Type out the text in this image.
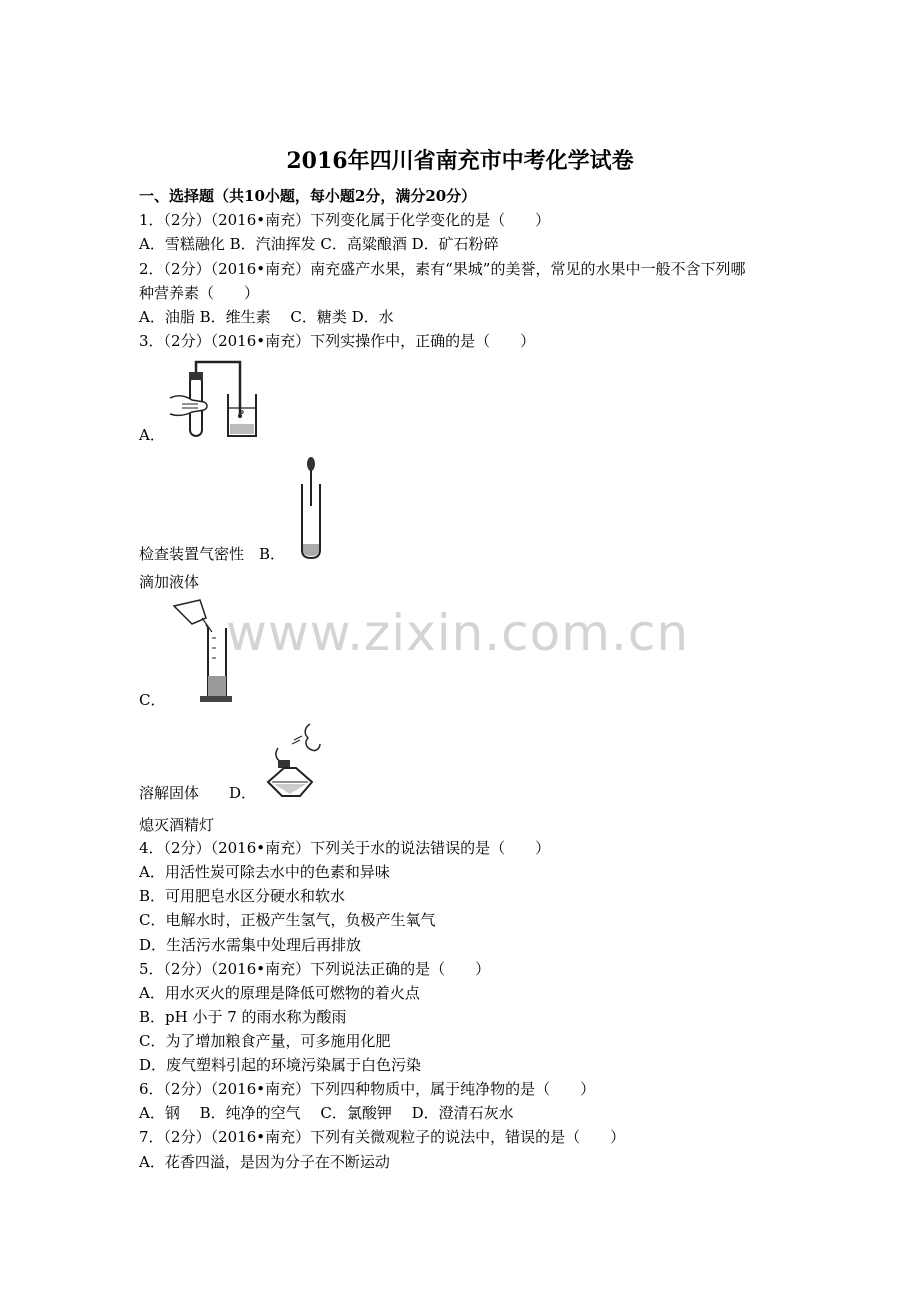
2016年四川省南充市中考化学试卷
一、选择题（共10小题，每小题2分，满分20分）
1．（2分）（2016•南充）下列变化属于化学变化的是（　　）
A．雪糕融化 B．汽油挥发 C．高粱酿酒 D．矿石粉碎
2．（2分）（2016•南充）南充盛产水果，素有“果城”的美誉，常见的水果中一般不含下列哪
种营养素（　　）
A．油脂 B．维生素　 C．糖类 D．水
3．（2分）（2016•南充）下列实操作中，正确的是（　　）
A．
检查装置气密性　B．
滴加液体
C．
溶解固体　　D．
熄灭酒精灯
4．（2分）（2016•南充）下列关于水的说法错误的是（　　）
A．用活性炭可除去水中的色素和异味
B．可用肥皂水区分硬水和软水
C．电解水时，正极产生氢气，负极产生氧气
D．生活污水需集中处理后再排放
5．（2分）（2016•南充）下列说法正确的是（　　）
A．用水灭火的原理是降低可燃物的着火点
B．pH 小于 7 的雨水称为酸雨
C．为了增加粮食产量，可多施用化肥
D．废气塑料引起的环境污染属于白色污染
6．（2分）（2016•南充）下列四种物质中，属于纯净物的是（　　）
A．钢　 B．纯净的空气　 C．氯酸钾　 D．澄清石灰水
7．（2分）（2016•南充）下列有关微观粒子的说法中，错误的是（　　）
A．花香四溢，是因为分子在不断运动
www.zixin.com.cn
